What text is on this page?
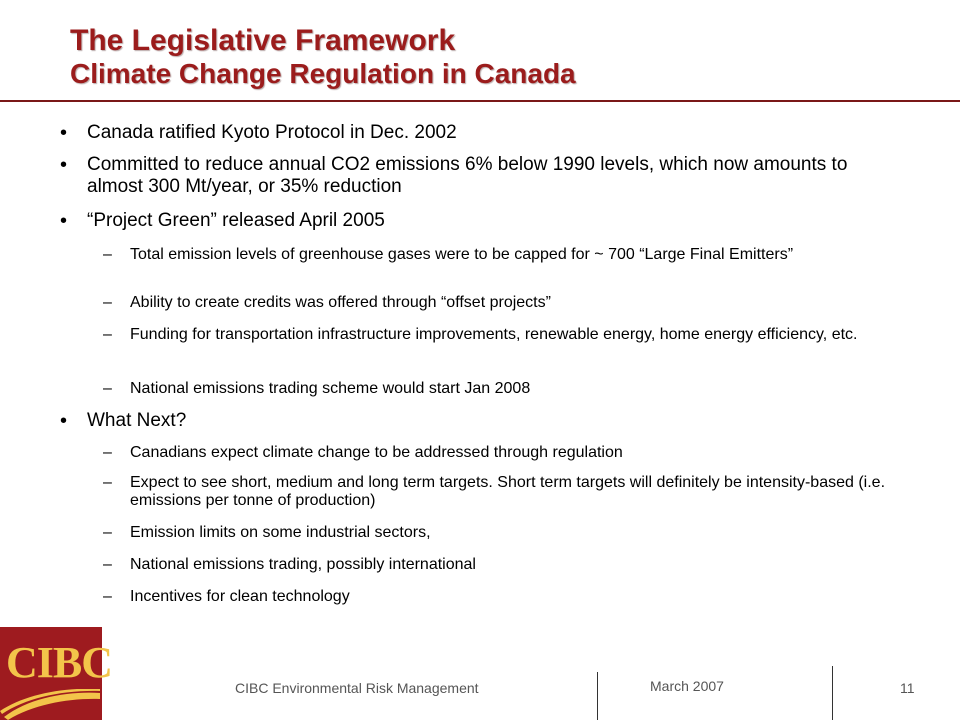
The Legislative Framework
Climate Change Regulation in Canada
• Canada ratified Kyoto Protocol in Dec. 2002
• Committed to reduce annual CO2 emissions 6% below 1990 levels, which now amounts to almost 300 Mt/year, or 35% reduction
• “Project Green” released April 2005
– Total emission levels of greenhouse gases were to be capped for ~ 700 “Large Final Emitters”
– Ability to create credits was offered through “offset projects”
– Funding for transportation infrastructure improvements, renewable energy, home energy efficiency, etc.
– National emissions trading scheme would start Jan 2008
• What Next?
– Canadians expect climate change to be addressed through regulation
– Expect to see short, medium and long term targets. Short term targets will definitely be intensity-based (i.e. emissions per tonne of production)
– Emission limits on some industrial sectors,
– National emissions trading, possibly international
– Incentives for clean technology
CIBC
CIBC Environmental Risk Management	March 2007	11
